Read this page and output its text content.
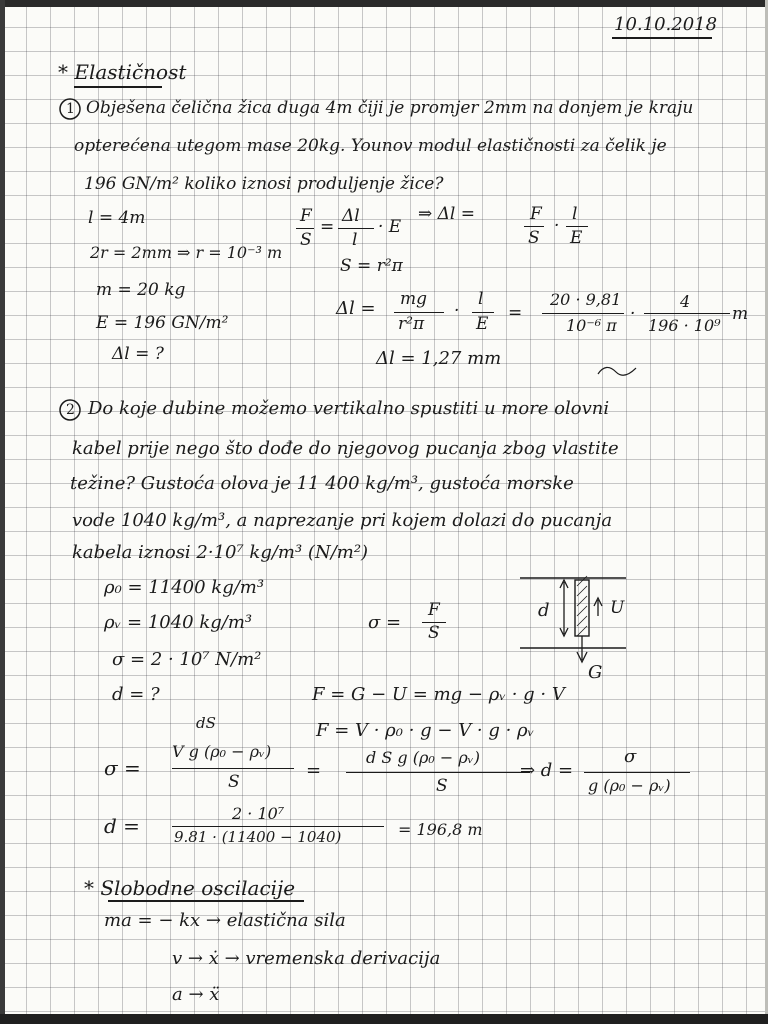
10.10.2018
* Elastičnost
1 Obješena čelična žica duga 4m čiji je promjer 2mm na donjem je kraju
opterećena utegom mase 20kg. Younov modul elastičnosti za čelik je
196 GN/m² koliko iznosi produljenje žice?
l = 4m
2r = 2mm ⇒ r = 10⁻³ m
m = 20 kg
E = 196 GN/m²
Δl = ?
F
S
=
Δl
l
· E
⇒ Δl =	F
S
·
l
E
S = r²π
Δl = mg
r²π
·
l
E
=
20 · 9,81
10⁻⁶ π
·
4
196 · 10⁹
m
Δl = 1,27 mm
2 Do koje dubine možemo vertikalno spustiti u more olovni
kabel prije nego što dođe do njegovog pucanja zbog vlastite
težine? Gustoća olova je 11 400 kg/m³, gustoća morske
vode 1040 kg/m³, a naprezanje pri kojem dolazi do pucanja
kabela iznosi 2·10⁷ kg/m³ (N/m²)
ρ₀ = 11400 kg/m³
ρᵥ = 1040 kg/m³
σ = 2 · 10⁷ N/m²
d = ?
σ =
F
S
d	U
G
F = G − U = mg − ρᵥ · g · V
F = V · ρ₀ · g − V · g · ρᵥ
dS
σ =
V g (ρ₀ − ρᵥ)
S
=
d S g (ρ₀ − ρᵥ)
S
⇒ d =
σ
g (ρ₀ − ρᵥ)
d =
2 · 10⁷
9.81 · (11400 − 1040)	= 196,8 m
* Slobodne oscilacije
ma = − kx → elastična sila
v → ẋ → vremenska derivacija
a → ẍ
